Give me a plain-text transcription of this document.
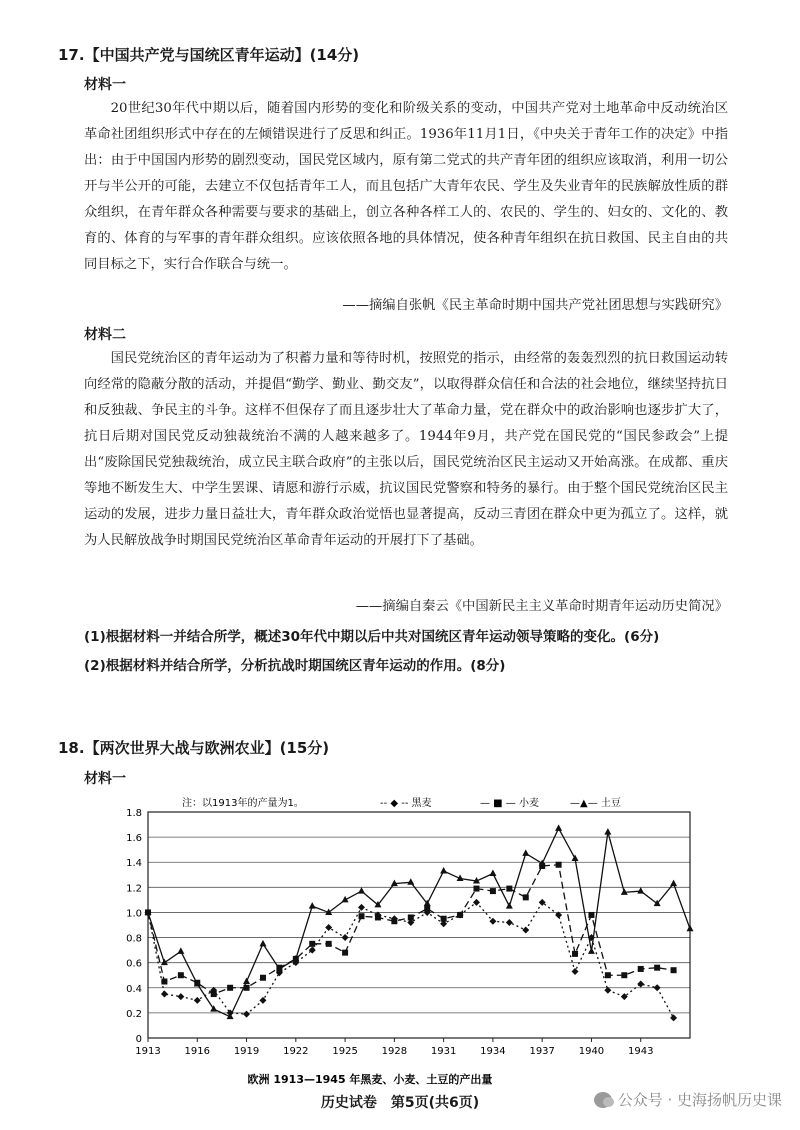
17.【中国共产党与国统区青年运动】(14分)
材料一
20世纪30年代中期以后，随着国内形势的变化和阶级关系的变动，中国共产党对土地革命中反动统治区革命社团组织形式中存在的左倾错误进行了反思和纠正。1936年11月1日，《中央关于青年工作的决定》中指出：由于中国国内形势的剧烈变动，国民党区域内，原有第二党式的共产青年团的组织应该取消，利用一切公开与半公开的可能，去建立不仅包括青年工人，而且包括广大青年农民、学生及失业青年的民族解放性质的群众组织，在青年群众各种需要与要求的基础上，创立各种各样工人的、农民的、学生的、妇女的、文化的、教育的、体育的与军事的青年群众组织。应该依照各地的具体情况，使各种青年组织在抗日救国、民主自由的共同目标之下，实行合作联合与统一。
——摘编自张帆《民主革命时期中国共产党社团思想与实践研究》
材料二
国民党统治区的青年运动为了积蓄力量和等待时机，按照党的指示，由经常的轰轰烈烈的抗日救国运动转向经常的隐蔽分散的活动，并提倡“勤学、勤业、勤交友”，以取得群众信任和合法的社会地位，继续坚持抗日和反独裁、争民主的斗争。这样不但保存了而且逐步壮大了革命力量，党在群众中的政治影响也逐步扩大了，抗日后期对国民党反动独裁统治不满的人越来越多了。1944年9月，共产党在国民党的“国民参政会”上提出“废除国民党独裁统治，成立民主联合政府”的主张以后，国民党统治区民主运动又开始高涨。在成都、重庆等地不断发生大、中学生罢课、请愿和游行示威，抗议国民党警察和特务的暴行。由于整个国民党统治区民主运动的发展，进步力量日益壮大，青年群众政治觉悟也显著提高，反动三青团在群众中更为孤立了。这样，就为人民解放战争时期国民党统治区革命青年运动的开展打下了基础。
——摘编自秦云《中国新民主主义革命时期青年运动历史简况》
(1)根据材料一并结合所学，概述30年代中期以后中共对国统区青年运动领导策略的变化。(6分)
(2)根据材料并结合所学，分析抗战时期国统区青年运动的作用。(8分)
18.【两次世界大战与欧洲农业】(15分)
材料一
0
0.2
0.4
0.6
0.8
1.0
1.2
1.4
1.6
1.8
1913 1916 1919 1922 1925 1928 1931 1934 1937 1940 1943
-- ◆ -- 黑麦	— ■ — 小麦	—▲— 土豆
注：以1913年的产量为1。
欧洲 1913—1945 年黑麦、小麦、土豆的产出量
历史试卷　第5页(共6页)	公众号 · 史海扬帆历史课
